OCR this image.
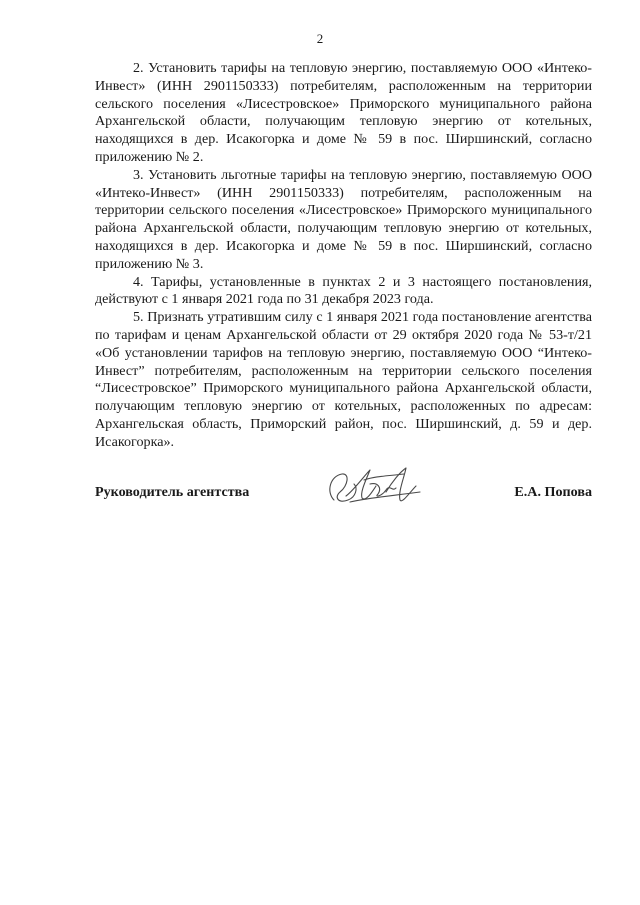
2

2. Установить тарифы на тепловую энергию, поставляемую ООО «Интеко-Инвест» (ИНН 2901150333) потребителям, расположенным на территории сельского поселения «Лисестровское» Приморского муниципального района Архангельской области, получающим тепловую энергию от котельных, находящихся в дер. Исакогорка и доме № 59 в пос. Ширшинский, согласно приложению № 2.

3. Установить льготные тарифы на тепловую энергию, поставляемую ООО «Интеко-Инвест» (ИНН 2901150333) потребителям, расположенным на территории сельского поселения «Лисестровское» Приморского муниципального района Архангельской области, получающим тепловую энергию от котельных, находящихся в дер. Исакогорка и доме № 59 в пос. Ширшинский, согласно приложению № 3.

4. Тарифы, установленные в пунктах 2 и 3 настоящего постановления, действуют с 1 января 2021 года по 31 декабря 2023 года.

5. Признать утратившим силу с 1 января 2021 года постановление агентства по тарифам и ценам Архангельской области от 29 октября 2020 года № 53-т/21 «Об установлении тарифов на тепловую энергию, поставляемую ООО “Интеко-Инвест” потребителям, расположенным на территории сельского поселения “Лисестровское” Приморского муниципального района Архангельской области, получающим тепловую энергию от котельных, расположенных по адресам: Архангельская область, Приморский район, пос. Ширшинский, д. 59 и дер. Исакогорка».

Руководитель агентства	Е.А. Попова
